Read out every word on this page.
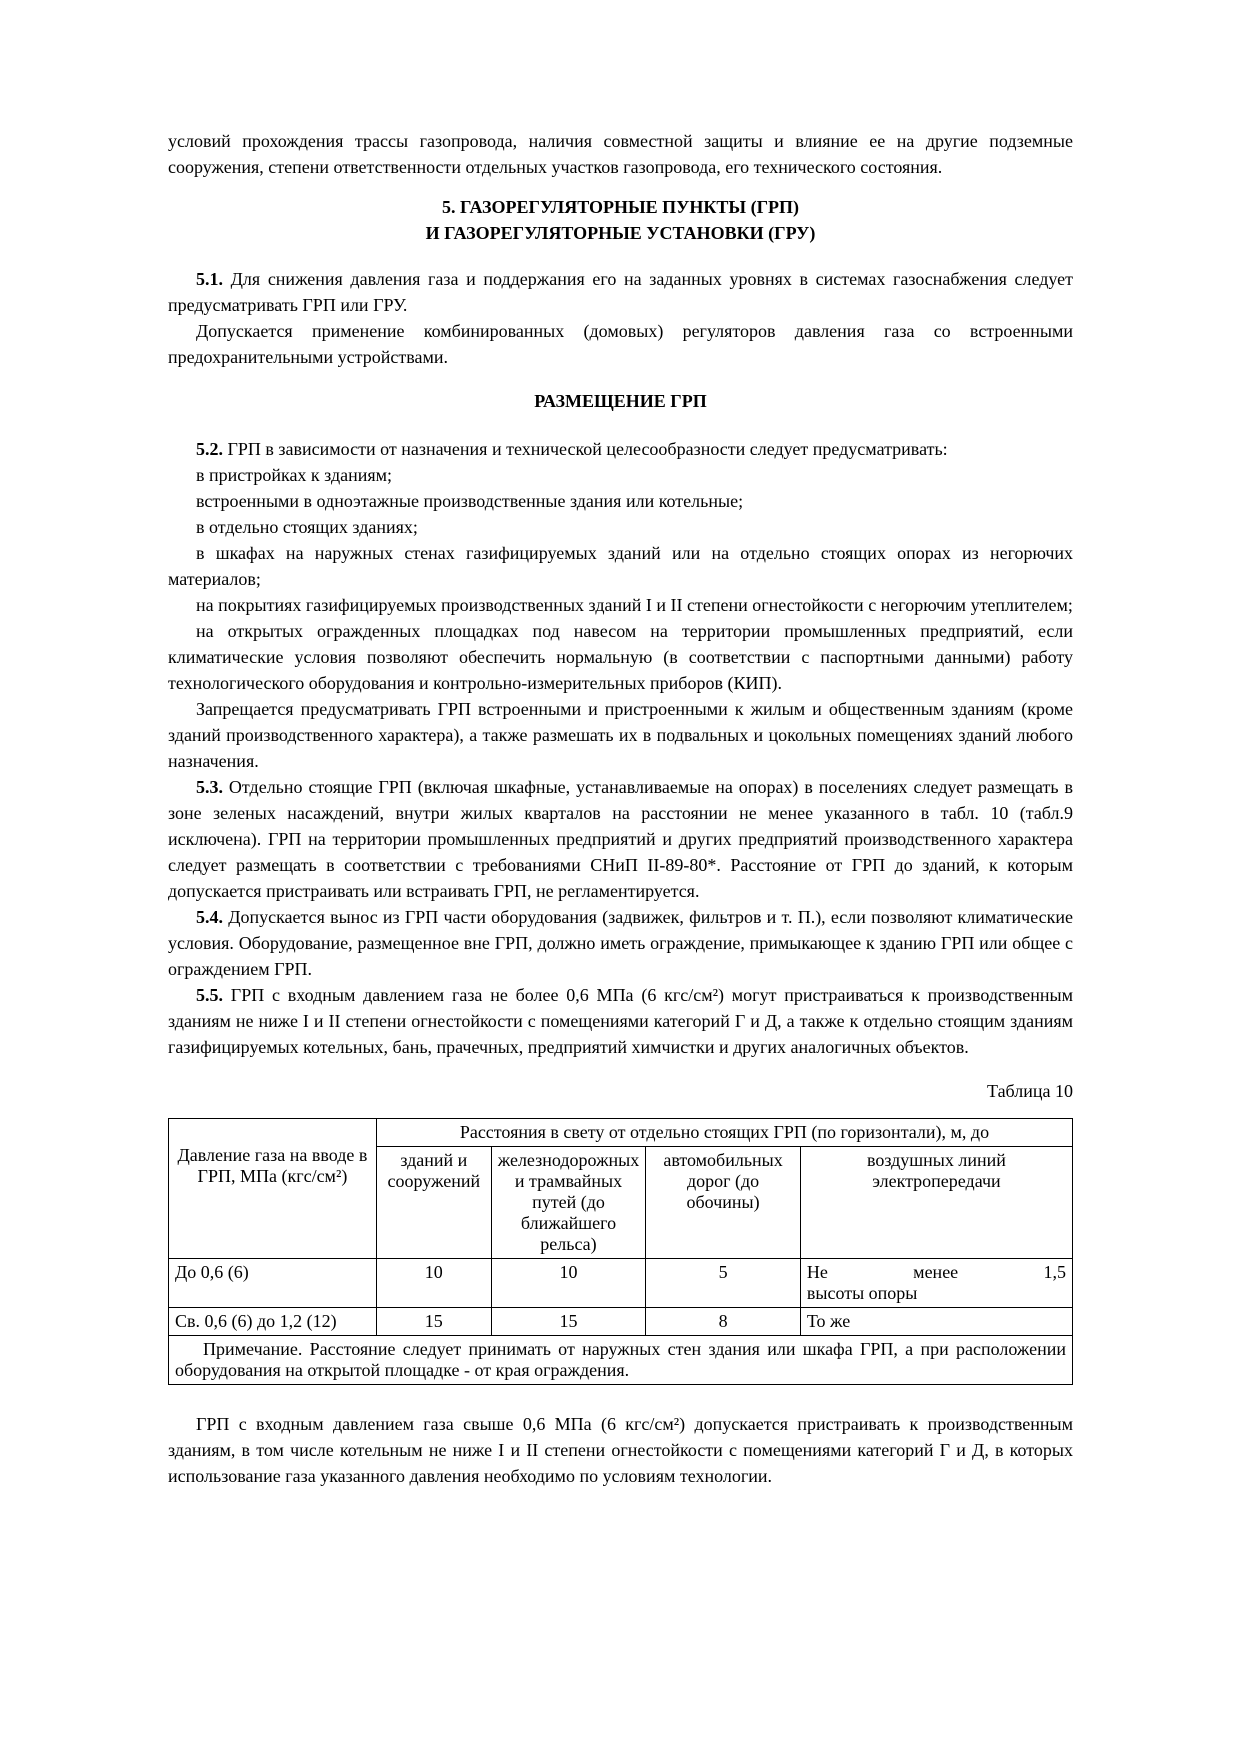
условий прохождения трассы газопровода, наличия совместной защиты и влияние ее на другие подземные сооружения, степени ответственности отдельных участков газопровода, его технического состояния.

5. ГАЗОРЕГУЛЯТОРНЫЕ ПУНКТЫ (ГРП)
И ГАЗОРЕГУЛЯТОРНЫЕ УСТАНОВКИ (ГРУ)

5.1. Для снижения давления газа и поддержания его на заданных уровнях в системах газоснабжения следует предусматривать ГРП или ГРУ.

Допускается применение комбинированных (домовых) регуляторов давления газа со встроенными предохранительными устройствами.

РАЗМЕЩЕНИЕ ГРП

5.2. ГРП в зависимости от назначения и технической целесообразности следует предусматривать:

в пристройках к зданиям;

встроенными в одноэтажные производственные здания или котельные;

в отдельно стоящих зданиях;

в шкафах на наружных стенах газифицируемых зданий или на отдельно стоящих опорах из негорючих материалов;

на покрытиях газифицируемых производственных зданий I и II степени огнестойкости с негорючим утеплителем;

на открытых огражденных площадках под навесом на территории промышленных предприятий, если климатические условия позволяют обеспечить нормальную (в соответствии с паспортными данными) работу технологического оборудования и контрольно-измерительных приборов (КИП).

Запрещается предусматривать ГРП встроенными и пристроенными к жилым и общественным зданиям (кроме зданий производственного характера), а также размешать их в подвальных и цокольных помещениях зданий любого назначения.

5.3. Отдельно стоящие ГРП (включая шкафные, устанавливаемые на опорах) в поселениях следует размещать в зоне зеленых насаждений, внутри жилых кварталов на расстоянии не менее указанного в табл. 10 (табл.9 исключена). ГРП на территории промышленных предприятий и других предприятий производственного характера следует размещать в соответствии с требованиями СНиП II-89-80*. Расстояние от ГРП до зданий, к которым допускается пристраивать или встраивать ГРП, не регламентируется.

5.4. Допускается вынос из ГРП части оборудования (задвижек, фильтров и т. П.), если позволяют климатические условия. Оборудование, размещенное вне ГРП, должно иметь ограждение, примыкающее к зданию ГРП или общее с ограждением ГРП.

5.5. ГРП с входным давлением газа не более 0,6 МПа (6 кгс/см²) могут пристраиваться к производственным зданиям не ниже I и II степени огнестойкости с помещениями категорий Г и Д, а также к отдельно стоящим зданиям газифицируемых котельных, бань, прачечных, предприятий химчистки и других аналогичных объектов.

Таблица 10

Давление газа на вводе в ГРП, МПа (кгс/см²)	Расстояния в свету от отдельно стоящих ГРП (по горизонтали), м, до			
	зданий и сооружений	железнодорожных и трамвайных путей (до ближайшего рельса)	автомобильных дорог (до обочины)	воздушных линий электропередачи
До 0,6 (6)	10	10	5	Не менее 1,5
высоты опоры

Св. 0,6 (6) до 1,2 (12)	15	15	8	То же
Примечание. Расстояние следует принимать от наружных стен здания или шкафа ГРП, а при расположении оборудования на открытой площадке - от края ограждения.				

ГРП с входным давлением газа свыше 0,6 МПа (6 кгс/см²) допускается пристраивать к производственным зданиям, в том числе котельным не ниже I и II степени огнестойкости с помещениями категорий Г и Д, в которых использование газа указанного давления необходимо по условиям технологии.
